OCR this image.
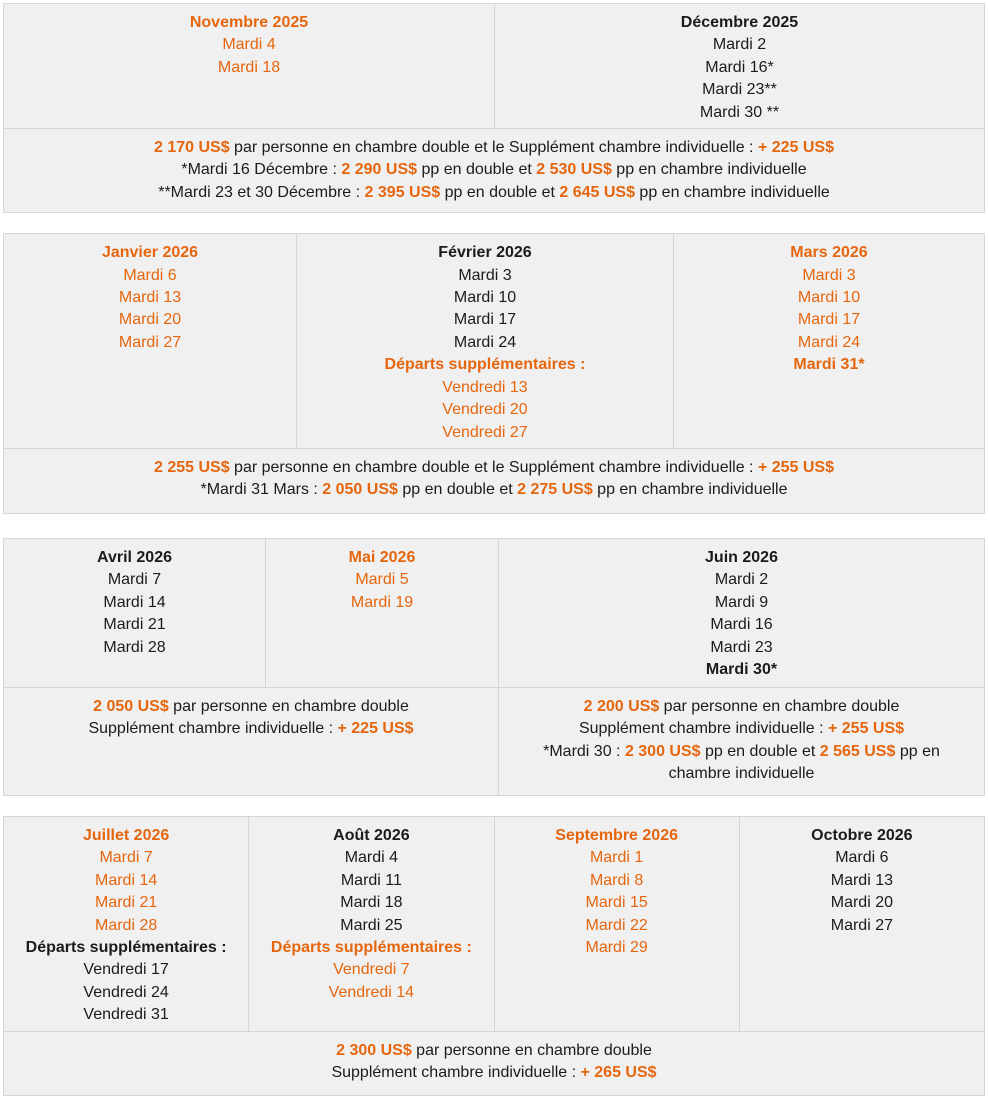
Novembre 2025
Mardi 4
Mardi 18
Décembre 2025
Mardi 2
Mardi 16*
Mardi 23**
Mardi 30 **
2 170 US$ par personne en chambre double et le Supplément chambre individuelle : + 225 US$
*Mardi 16 Décembre : 2 290 US$ pp en double et 2 530 US$ pp en chambre individuelle
**Mardi 23 et 30 Décembre : 2 395 US$ pp en double et 2 645 US$ pp en chambre individuelle
Janvier 2026
Mardi 6
Mardi 13
Mardi 20
Mardi 27
Février 2026
Mardi 3
Mardi 10
Mardi 17
Mardi 24
Départs supplémentaires :
Vendredi 13
Vendredi 20
Vendredi 27
Mars 2026
Mardi 3
Mardi 10
Mardi 17
Mardi 24
Mardi 31*
2 255 US$ par personne en chambre double et le Supplément chambre individuelle : + 255 US$
*Mardi 31 Mars : 2 050 US$ pp en double et 2 275 US$ pp en chambre individuelle
Avril 2026
Mardi 7
Mardi 14
Mardi 21
Mardi 28
Mai 2026
Mardi 5
Mardi 19
Juin 2026
Mardi 2
Mardi 9
Mardi 16
Mardi 23
Mardi 30*
2 050 US$ par personne en chambre double
Supplément chambre individuelle : + 225 US$
2 200 US$ par personne en chambre double
Supplément chambre individuelle : + 255 US$
*Mardi 30 : 2 300 US$ pp en double et 2 565 US$ pp en chambre individuelle
Juillet 2026
Mardi 7
Mardi 14
Mardi 21
Mardi 28
Départs supplémentaires :
Vendredi 17
Vendredi 24
Vendredi 31
Août 2026
Mardi 4
Mardi 11
Mardi 18
Mardi 25
Départs supplémentaires :
Vendredi 7
Vendredi 14
Septembre 2026
Mardi 1
Mardi 8
Mardi 15
Mardi 22
Mardi 29
Octobre 2026
Mardi 6
Mardi 13
Mardi 20
Mardi 27
2 300 US$ par personne en chambre double
Supplément chambre individuelle : + 265 US$
